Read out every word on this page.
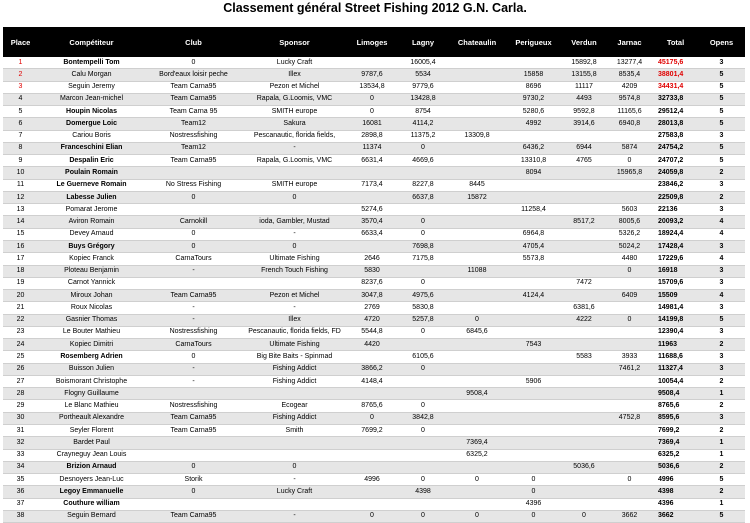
Classement général Street Fishing 2012 G.N. Carla.
Place	Compétiteur	Club	Sponsor	Limoges	Lagny	Chateaulin	Perigueux	Verdun	Jarnac	Total	Opens
1	Bontempelli Tom	0	Lucky Craft		16005,4			15892,8	13277,4	45175,6	3
2	Calu Morgan	Bord'eaux loisir peche	Illex	9787,6	5534		15858	13155,8	8535,4	38801,4	5
3	Seguin Jeremy	Team Carna95	Pezon et Michel	13534,8	9779,6		8696	11117	4209	34431,4	5
4	Marcon Jean-michel	Team Carna95	Rapala, G.Loomis, VMC	0	13428,8		9730,2	4493	9574,8	32733,8	5
5	Houpin Nicolas	Team Carna 95	SMITH europe	0	8754		5280,6	9592,8	11165,6	29512,4	5
6	Domergue Loic	Team12	Sakura	16081	4114,2		4992	3914,6	6940,8	28013,8	5
7	Cariou Boris	Nostressfishing	Pescanautic, florida fields,	2898,8	11375,2	13309,8				27583,8	3
8	Franceschini Elian	Team12	-	11374	0		6436,2	6944	5874	24754,2	5
9	Despalin Eric	Team Carna95	Rapala, G.Loomis, VMC	6631,4	4669,6		13310,8	4765	0	24707,2	5
10	Poulain Romain						8094		15965,8	24059,8	2
11	Le Guerneve Romain	No Stress Fishing	SMITH europe	7173,4	8227,8	8445				23846,2	3
12	Labesse Julien	0	0		6637,8	15872				22509,8	2
13	Pomarat Jerome			5274,6			11258,4		5603	22136	3
14	Aviron Romain	Carnokill	ioda, Gambler, Mustad	3570,4	0			8517,2	8005,6	20093,2	4
15	Devey Arnaud	0	-	6633,4	0		6964,8		5326,2	18924,4	4
16	Buys Grégory	0	0		7698,8		4705,4		5024,2	17428,4	3
17	Kopiec Franck	CarnaTours	Ultimate Fishing	2646	7175,8		5573,8		4480	17229,6	4
18	Ploteau Benjamin	-	French Touch Fishing	5830		11088			0	16918	3
19	Carnot Yannick			8237,6	0			7472		15709,6	3
20	Miroux Johan	Team Carna95	Pezon et Michel	3047,8	4975,6		4124,4		6409	15509	4
21	Roux Nicolas	-	-	2769	5830,8			6381,6		14981,4	3
22	Gasnier Thomas	-	Illex	4720	5257,8	0		4222	0	14199,8	5
23	Le Bouter Mathieu	Nostressfishing	Pescanautic, florida fields, FD	5544,8	0	6845,6				12390,4	3
24	Kopiec Dimitri	CarnaTours	Ultimate Fishing	4420			7543			11963	2
25	Rosemberg Adrien	0	Big Bite Baits - Spinmad		6105,6			5583	3933	11688,6	3
26	Buisson Julien	-	Fishing Addict	3866,2	0				7461,2	11327,4	3
27	Boismorant Christophe	-	Fishing Addict	4148,4			5906			10054,4	2
28	Flogny Guillaume					9508,4				9508,4	1
29	Le Blanc Mathieu	Nostressfishing	Ecogear	8765,6	0					8765,6	2
30	Portheault Alexandre	Team Carna95	Fishing Addict	0	3842,8				4752,8	8595,6	3
31	Seyler Florent	Team Carna95	Smith	7699,2	0					7699,2	2
32	Bardet Paul					7369,4				7369,4	1
33	Crayneguy Jean Louis					6325,2				6325,2	1
34	Brizion Arnaud	0	0					5036,6		5036,6	2
35	Desnoyers Jean-Luc	Storik	-	4996	0	0	0		0	4996	5
36	Legoy Emmanuelle	0	Lucky Craft		4398		0			4398	2
37	Couthure william						4396			4396	1
38	Seguin Bernard	Team Carna95	-	0	0	0	0	0	3662	3662	5
